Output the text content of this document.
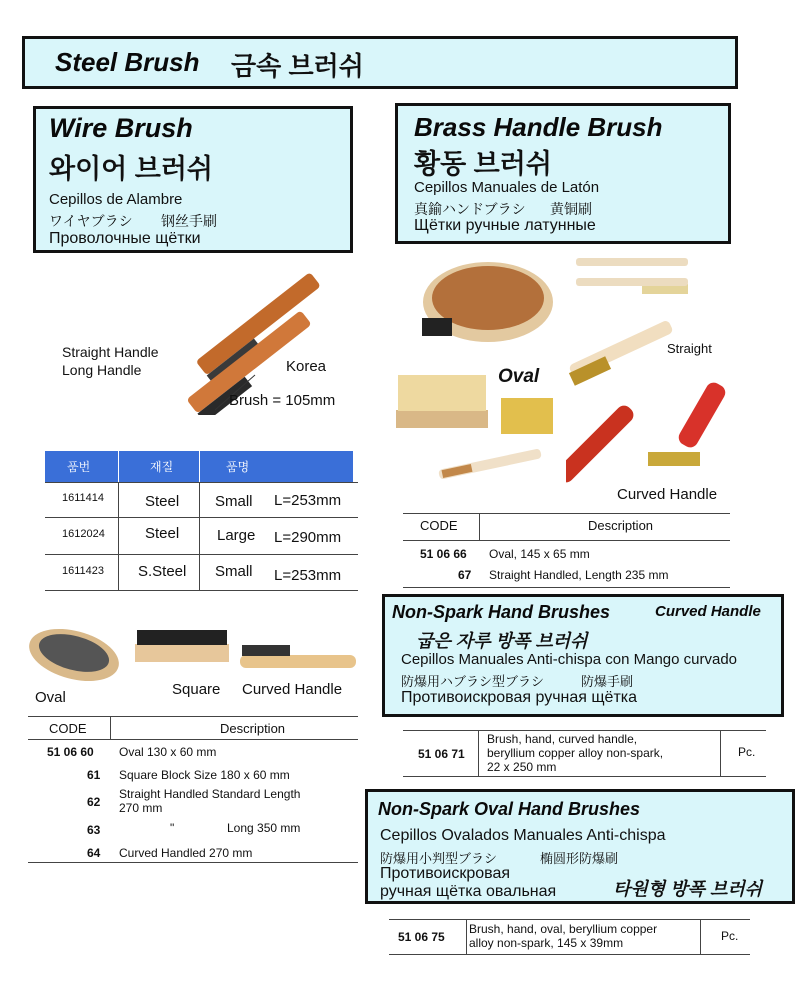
Steel Brush 금속 브러쉬
Wire Brush
와이어 브러쉬
Cepillos de Alambre
ワイヤブラシ 钢丝手刷
Проволочные щётки
Straight Handle
Long Handle	Korea
Brush = 105mm
품번	재질	품명
1611414	Steel Small L=253mm
1612024	Steel	Large L=290mm
1611423 S.Steel Small L=253mm
Oval	Square Curved Handle
CODE	Description
51 06 60 Oval 130 x 60 mm
61 Square Block Size 180 x 60 mm
62
Straight Handled Standard Length
270 mm
63	"	Long 350 mm
64 Curved Handled 270 mm
Brass Handle Brush
황동 브러쉬
Cepillos Manuales de Latón
真鍮ハンドブラシ 黄铜刷
Щётки ручные латунные
Oval
Straight
Curved Handle
CODE	Description
51 06 66 Oval, 145 x 65 mm
67 Straight Handled, Length 235 mm
Non-Spark Hand Brushes	Curved Handle
굽은 자루 방폭 브러쉬
Cepillos Manuales Anti-chispa con Mango curvado
防爆用ハブラシ型ブラシ	防爆手刷
Противоискровая ручная щётка
51 06 71
Brush, hand, curved handle,
beryllium copper alloy non-spark,
22 x 250 mm
Pc.
Non-Spark Oval Hand Brushes
Cepillos Ovalados Manuales Anti-chispa
防爆用小判型ブラシ	椭圆形防爆刷
Противоискровая
ручная щётка овальная	타원형 방폭 브러쉬
51 06 75
Brush, hand, oval, beryllium copper
alloy non-spark, 145 x 39mm	Pc.
